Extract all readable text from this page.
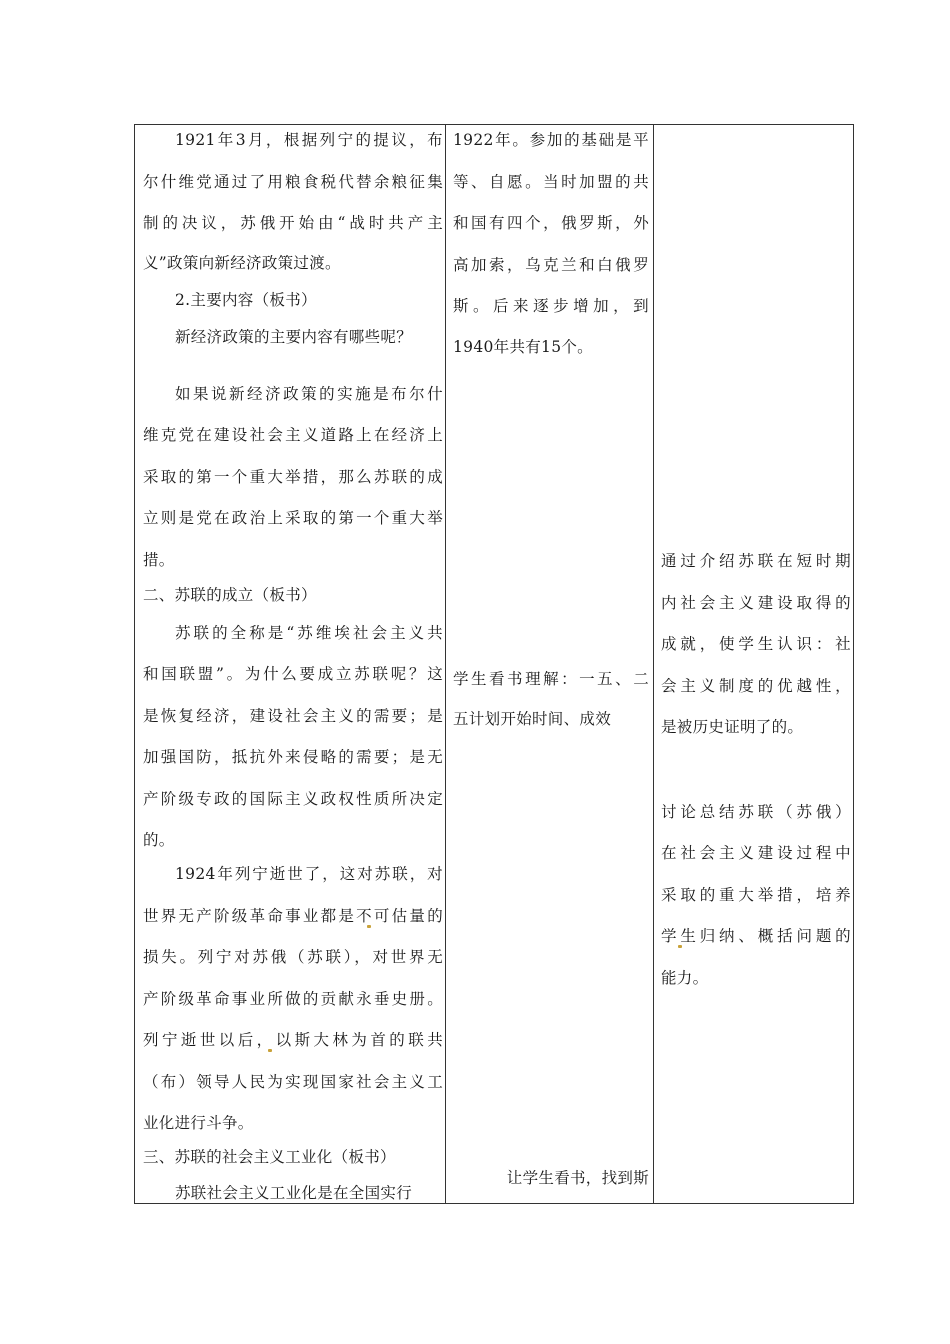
1921年3月，根据列宁的提议，布
尔什维党通过了用粮食税代替余粮征集
制的决议，苏俄开始由“战时共产主
义”政策向新经济政策过渡。
2.主要内容（板书）
新经济政策的主要内容有哪些呢？
如果说新经济政策的实施是布尔什
维克党在建设社会主义道路上在经济上
采取的第一个重大举措，那么苏联的成
立则是党在政治上采取的第一个重大举
措。
二、苏联的成立（板书）
苏联的全称是“苏维埃社会主义共
和国联盟”。为什么要成立苏联呢？这
是恢复经济，建设社会主义的需要；是
加强国防，抵抗外来侵略的需要；是无
产阶级专政的国际主义政权性质所决定
的。
1924年列宁逝世了，这对苏联，对
世界无产阶级革命事业都是不可估量的
损失。列宁对苏俄（苏联），对世界无
产阶级革命事业所做的贡献永垂史册。
列宁逝世以后，以斯大林为首的联共
（布）领导人民为实现国家社会主义工
业化进行斗争。
三、苏联的社会主义工业化（板书）
苏联社会主义工业化是在全国实行
1922年。参加的基础是平
等、自愿。当时加盟的共
和国有四个，俄罗斯，外
高加索，乌克兰和白俄罗
斯。后来逐步增加，到
1940年共有15个。
学生看书理解：一五、二
五计划开始时间、成效
让学生看书，找到斯
通过介绍苏联在短时期
内社会主义建设取得的
成就，使学生认识：社
会主义制度的优越性，
是被历史证明了的。
讨论总结苏联（苏俄）
在社会主义建设过程中
采取的重大举措，培养
学生归纳、概括问题的
能力。
